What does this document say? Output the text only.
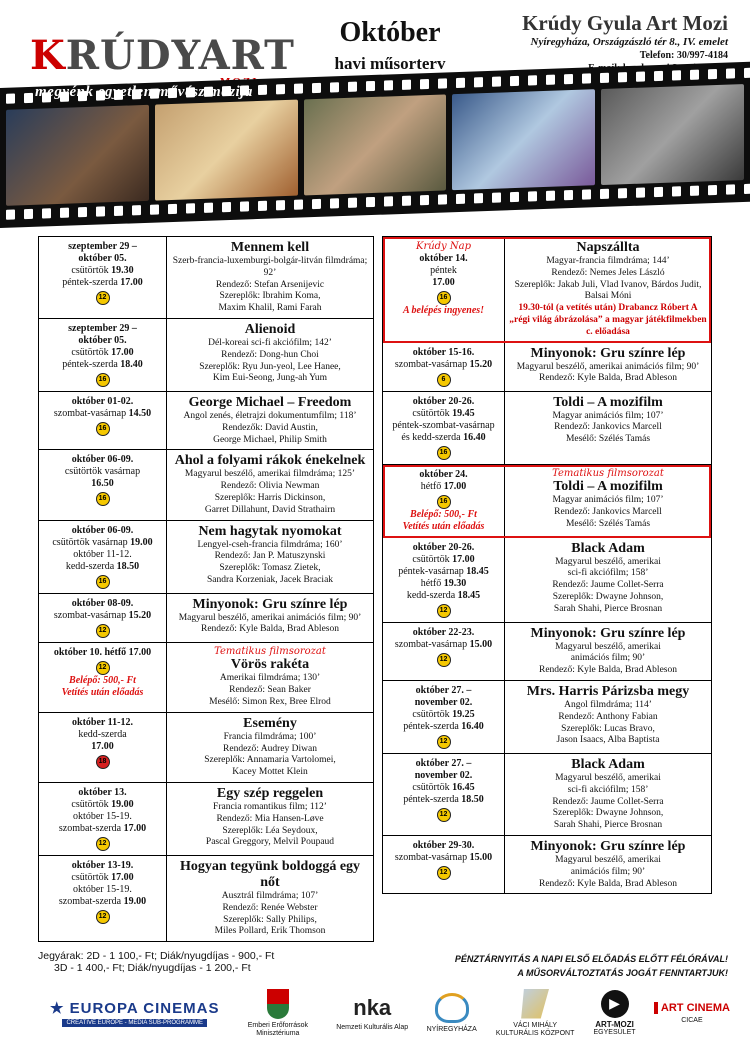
KRÚDYART
megyénk egyetlen művész mozija
Október
havi műsorterv
Krúdy Gyula Art Mozi
Nyíregyháza, Országzászló tér 8., IV. emelet
Telefon: 30/997-4184
szeptember 29 –
október 05.
csütörtök 19.30
péntek-szerda 17.00
12
Mennem kell
Szerb-francia-luxemburgi-bolgár-litván filmdráma; 92’
Rendező: Stefan Arsenijevic
Szereplők: Ibrahim Koma,
Maxim Khalil, Rami Farah
szeptember 29 –
október 05.
csütörtök 17.00
péntek-szerda 18.40
16
Alienoid
Dél-koreai sci-fi akciófilm; 142’
Rendező: Dong-hun Choi
Szereplők: Ryu Jun-yeol, Lee Hanee,
Kim Eui-Seong, Jung-ah Yum
október 01-02.
szombat-vasárnap 14.50
16
George Michael – Freedom
Angol zenés, életrajzi dokumentumfilm; 118’
Rendezők: David Austin,
George Michael, Philip Smith
október 06-09.
csütörtök vasárnap
16.50
16
Ahol a folyami rákok énekelnek
Magyarul beszélő, amerikai filmdráma; 125’
Rendező: Olivia Newman
Szereplők: Harris Dickinson,
Garret Dillahunt, David Strathairn
október 06-09.
csütörtök vasárnap 19.00
október 11-12.
kedd-szerda 18.50
16
Nem hagytak nyomokat
Lengyel-cseh-francia filmdráma; 160’
Rendező: Jan P. Matuszynski
Szereplők: Tomasz Zietek,
Sandra Korzeniak, Jacek Braciak
október 08-09.
szombat-vasárnap 15.20
12
Minyonok: Gru színre lép
Magyarul beszélő, amerikai animációs film; 90’
Rendező: Kyle Balda, Brad Ableson
október 10. hétfő 17.00
12
Belépő: 500,- Ft
Vetítés után előadás
Tematikus filmsorozat
Vörös rakéta
Amerikai filmdráma; 130’
Rendező: Sean Baker
Mesélő: Simon Rex, Bree Elrod
október 11-12.
kedd-szerda
17.00
18
Esemény
Francia filmdráma; 100’
Rendező: Audrey Diwan
Szereplők: Annamaria Vartolomei,
Kacey Mottet Klein
október 13.
csütörtök 19.00
október 15-19.
szombat-szerda 17.00
12
Egy szép reggelen
Francia romantikus film; 112’
Rendező: Mia Hansen-Løve
Szereplők: Léa Seydoux,
Pascal Greggory, Melvil Poupaud
október 13-19.
csütörtök 17.00
október 15-19.
szombat-szerda 19.00
12
Hogyan tegyünk boldoggá egy nőt
Ausztrál filmdráma; 107’
Rendező: Renée Webster
Szereplők: Sally Philips,
Miles Pollard, Erik Thomson
Krúdy Nap
október 14.
péntek
17.00
16
A belépés ingyenes!
Napszállta
Magyar-francia filmdráma; 144’
Rendező: Nemes Jeles László
Szereplők: Jakab Juli, Vlad Ivanov, Bárdos Judit, Balsai Móni
19.30-tól (a vetítés után) Drabancz Róbert A „régi világ ábrázolása” a magyar játékfilmekben c. előadása
október 15-16.
szombat-vasárnap 15.20
6
Minyonok: Gru színre lép
Magyarul beszélő, amerikai animációs film; 90’
Rendező: Kyle Balda, Brad Ableson
október 20-26.
csütörtök 19.45
péntek-szombat-vasárnap
és kedd-szerda 16.40
16
Toldi – A mozifilm
Magyar animációs film; 107’
Rendező: Jankovics Marcell
Mesélő: Szélés Tamás
október 24.
hétfő 17.00
16
Belépő: 500,- Ft
Vetítés után előadás
Tematikus filmsorozat
Toldi – A mozifilm
Magyar animációs film; 107’
Rendező: Jankovics Marcell
Mesélő: Szélés Tamás
október 20-26.
csütörtök 17.00
péntek-vasárnap 18.45
hétfő 19.30
kedd-szerda 18.45
12
Black Adam
Magyarul beszélő, amerikai
sci-fi akciófilm; 158’
Rendező: Jaume Collet-Serra
Szereplők: Dwayne Johnson,
Sarah Shahi, Pierce Brosnan
október 22-23.
szombat-vasárnap 15.00
12
Minyonok: Gru színre lép
Magyarul beszélő, amerikai
animációs film; 90’
Rendező: Kyle Balda, Brad Ableson
október 27. –
november 02.
csütörtök 19.25
péntek-szerda 16.40
12
Mrs. Harris Párizsba megy
Angol filmdráma; 114’
Rendező: Anthony Fabian
Szereplők: Lucas Bravo,
Jason Isaacs, Alba Baptista
október 27. –
november 02.
csütörtök 16.45
péntek-szerda 18.50
12
Black Adam
Magyarul beszélő, amerikai
sci-fi akciófilm; 158’
Rendező: Jaume Collet-Serra
Szereplők: Dwayne Johnson,
Sarah Shahi, Pierce Brosnan
október 29-30.
szombat-vasárnap 15.00
12
Minyonok: Gru színre lép
Magyarul beszélő, amerikai
animációs film; 90’
Rendező: Kyle Balda, Brad Ableson
Jegyárak: 2D - 1 100,- Ft; Diák/nyugdíjas - 900,- Ft
3D - 1 400,- Ft; Diák/nyugdíjas - 1 200,- Ft
PÉNZTÁRNYITÁS A NAPI ELSŐ ELŐADÁS ELŐTT FÉLÓRÁVAL!
A MŰSORVÁLTOZTATÁS JOGÁT FENNTARTJUK!
★ EUROPA CINEMAS
CREATIVE EUROPE - MEDIA SUB-PROGRAMME	Emberi Erőforrások Minisztériuma
nka
Nemzeti Kulturális Alap	NYÍREGYHÁZA
VÁCI MIHÁLY KULTURÁLIS KÖZPONT
▶
ART-MOZI
EGYESÜLET
ART CINEMA
CICAE
